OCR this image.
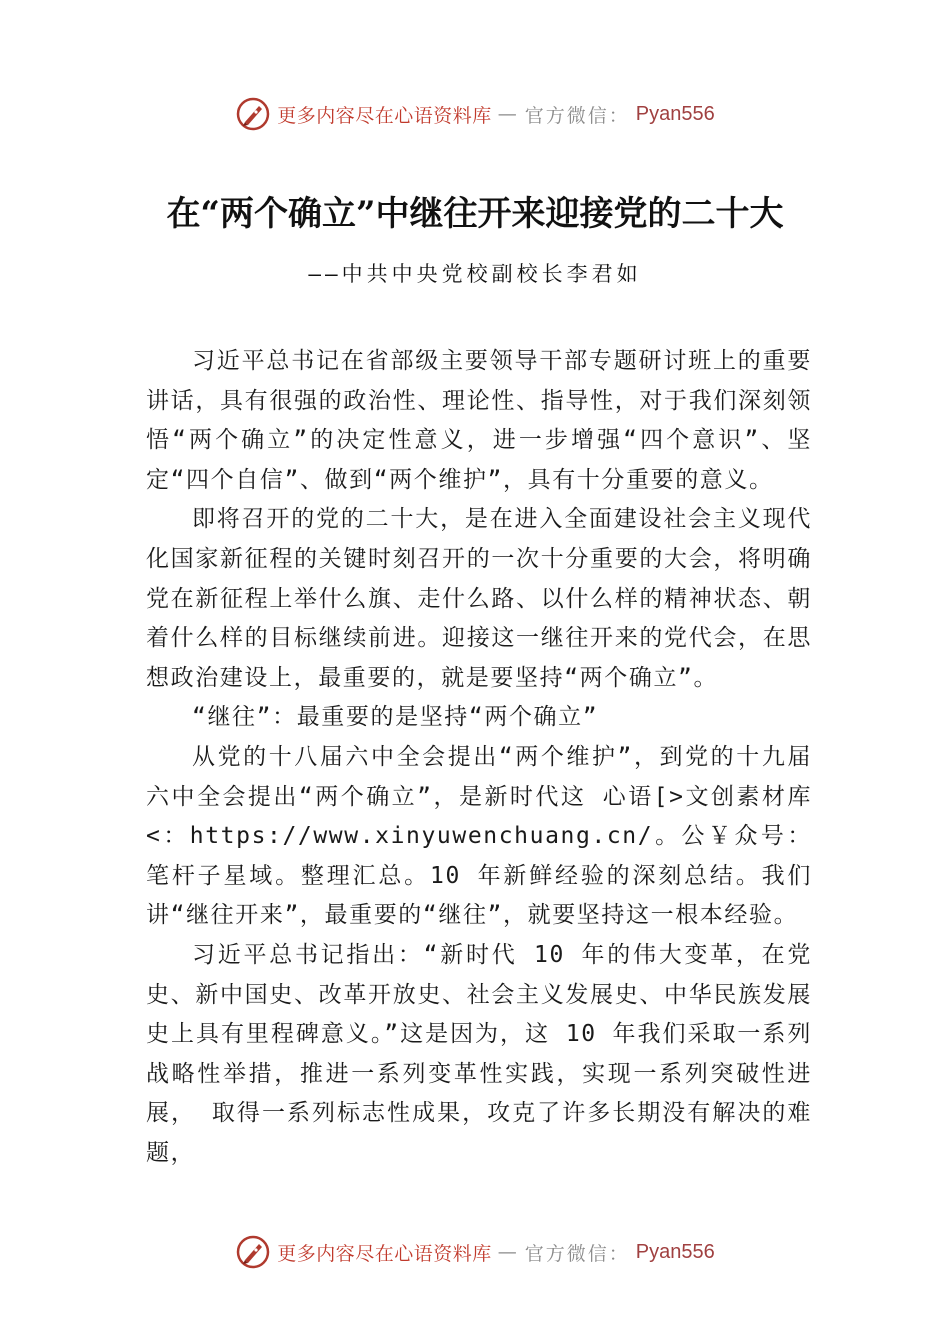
更多内容尽在心语资料库 — 官方微信： Pyan556
在“两个确立”中继往开来迎接党的二十大

——中共中央党校副校长李君如

习近平总书记在省部级主要领导干部专题研讨班上的重要讲话，具有很强的政治性、理论性、指导性，对于我们深刻领悟“两个确立”的决定性意义，进一步增强“四个意识”、坚定“四个自信”、做到“两个维护”，具有十分重要的意义。

即将召开的党的二十大，是在进入全面建设社会主义现代化国家新征程的关键时刻召开的一次十分重要的大会，将明确党在新征程上举什么旗、走什么路、以什么样的精神状态、朝着什么样的目标继续前进。迎接这一继往开来的党代会，在思想政治建设上，最重要的，就是要坚持“两个确立”。

“继往”：最重要的是坚持“两个确立”

从党的十八届六中全会提出“两个维护”，到党的十九届六中全会提出“两个确立”，是新时代这 心语[>文创素材库<：https://www.xinyuwenchuang.cn/。公￥众号：笔杆子星域。整理汇总。10 年新鲜经验的深刻总结。我们讲“继往开来”，最重要的“继往”，就要坚持这一根本经验。

习近平总书记指出：“新时代 10 年的伟大变革，在党史、新中国史、改革开放史、社会主义发展史、中华民族发展史上具有里程碑意义。”这是因为，这 10 年我们采取一系列战略性举措，推进一系列变革性实践，实现一系列突破性进展， 取得一系列标志性成果，攻克了许多长期没有解决的难题，

更多内容尽在心语资料库 — 官方微信： Pyan556
